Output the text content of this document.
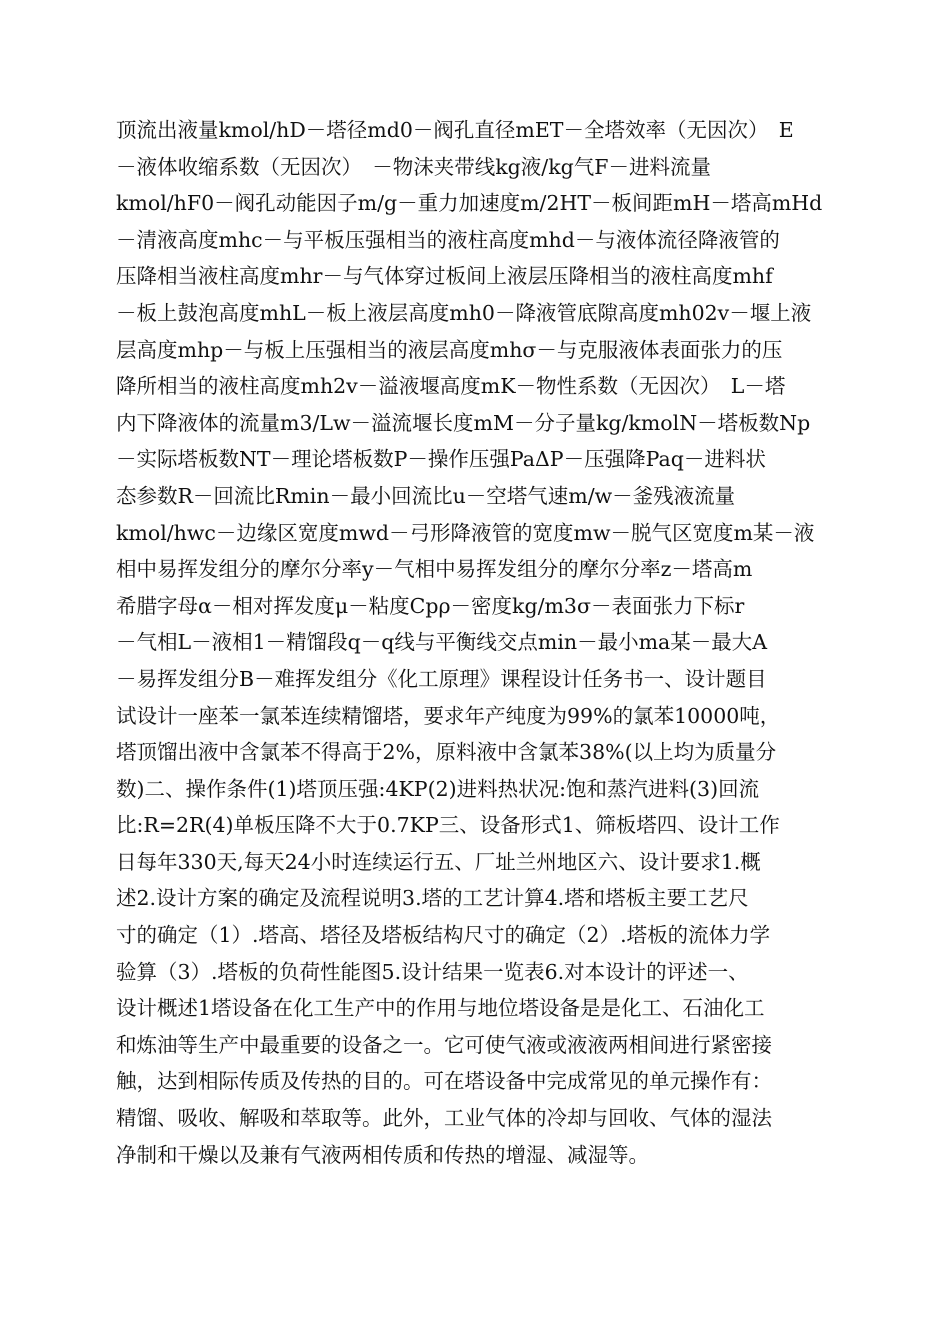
顶流出液量kmol/hD－塔径md0－阀孔直径mET－全塔效率（无因次）　E
－液体收缩系数（无因次）　－物沫夹带线kg液/kg气F－进料流量
kmol/hF0－阀孔动能因子m/g－重力加速度m/2HT－板间距mH－塔高mHd
－清液高度mhc－与平板压强相当的液柱高度mhd－与液体流径降液管的
压降相当液柱高度mhr－与气体穿过板间上液层压降相当的液柱高度mhf
－板上鼓泡高度mhL－板上液层高度mh0－降液管底隙高度mh02v－堰上液
层高度mhp－与板上压强相当的液层高度mhσ－与克服液体表面张力的压
降所相当的液柱高度mh2v－溢液堰高度mK－物性系数（无因次）　L－塔
内下降液体的流量m3/Lw－溢流堰长度mM－分子量kg/kmolN－塔板数Np
－实际塔板数NT－理论塔板数P－操作压强PaΔP－压强降Paq－进料状
态参数R－回流比Rmin－最小回流比u－空塔气速m/w－釜残液流量
kmol/hwc－边缘区宽度mwd－弓形降液管的宽度mw－脱气区宽度m某－液
相中易挥发组分的摩尔分率y－气相中易挥发组分的摩尔分率z－塔高m
希腊字母α－相对挥发度μ－粘度Cpρ－密度kg/m3σ－表面张力下标r
－气相L－液相1－精馏段q－q线与平衡线交点min－最小ma某－最大A
－易挥发组分B－难挥发组分《化工原理》课程设计任务书一、设计题目
试设计一座苯一氯苯连续精馏塔，要求年产纯度为99%的氯苯10000吨，
塔顶馏出液中含氯苯不得高于2%，原料液中含氯苯38%(以上均为质量分
数)二、操作条件(1)塔顶压强:4KP(2)进料热状况:饱和蒸汽进料(3)回流
比:R=2R(4)单板压降不大于0.7KP三、设备形式1、筛板塔四、设计工作
日每年330天,每天24小时连续运行五、厂址兰州地区六、设计要求1.概
述2.设计方案的确定及流程说明3.塔的工艺计算4.塔和塔板主要工艺尺
寸的确定（1）.塔高、塔径及塔板结构尺寸的确定（2）.塔板的流体力学
验算（3）.塔板的负荷性能图5.设计结果一览表6.对本设计的评述一、
设计概述1塔设备在化工生产中的作用与地位塔设备是是化工、石油化工
和炼油等生产中最重要的设备之一。它可使气液或液液两相间进行紧密接
触，达到相际传质及传热的目的。可在塔设备中完成常见的单元操作有：
精馏、吸收、解吸和萃取等。此外，工业气体的冷却与回收、气体的湿法
净制和干燥以及兼有气液两相传质和传热的增湿、减湿等。
